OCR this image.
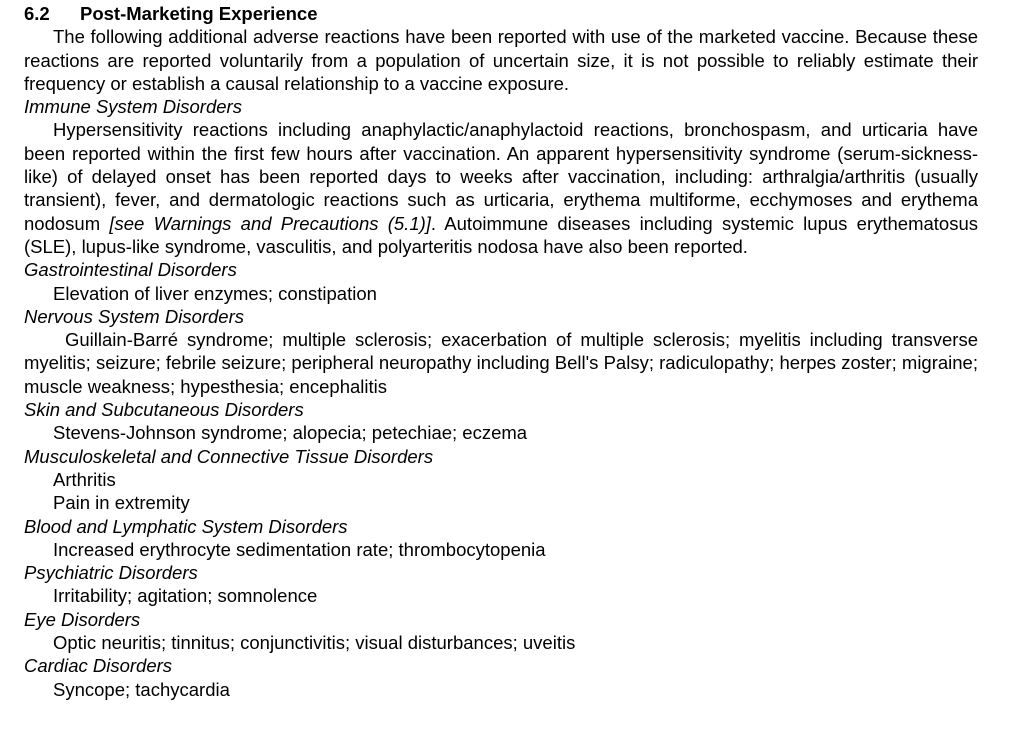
6.2 Post-Marketing Experience

The following additional adverse reactions have been reported with use of the marketed vaccine. Because these reactions are reported voluntarily from a population of uncertain size, it is not possible to reliably estimate their frequency or establish a causal relationship to a vaccine exposure.

Immune System Disorders

Hypersensitivity reactions including anaphylactic/anaphylactoid reactions, bronchospasm, and urticaria have been reported within the first few hours after vaccination. An apparent hypersensitivity syndrome (serum-sickness-like) of delayed onset has been reported days to weeks after vaccination, including: arthralgia/arthritis (usually transient), fever, and dermatologic reactions such as urticaria, erythema multiforme, ecchymoses and erythema nodosum [see Warnings and Precautions (5.1)]. Autoimmune diseases including systemic lupus erythematosus (SLE), lupus-like syndrome, vasculitis, and polyarteritis nodosa have also been reported.

Gastrointestinal Disorders

Elevation of liver enzymes; constipation

Nervous System Disorders

Guillain-Barré syndrome; multiple sclerosis; exacerbation of multiple sclerosis; myelitis including transverse myelitis; seizure; febrile seizure; peripheral neuropathy including Bell's Palsy; radiculopathy; herpes zoster; migraine; muscle weakness; hypesthesia; encephalitis

Skin and Subcutaneous Disorders

Stevens-Johnson syndrome; alopecia; petechiae; eczema

Musculoskeletal and Connective Tissue Disorders

Arthritis

Pain in extremity

Blood and Lymphatic System Disorders

Increased erythrocyte sedimentation rate; thrombocytopenia

Psychiatric Disorders

Irritability; agitation; somnolence

Eye Disorders

Optic neuritis; tinnitus; conjunctivitis; visual disturbances; uveitis

Cardiac Disorders

Syncope; tachycardia
